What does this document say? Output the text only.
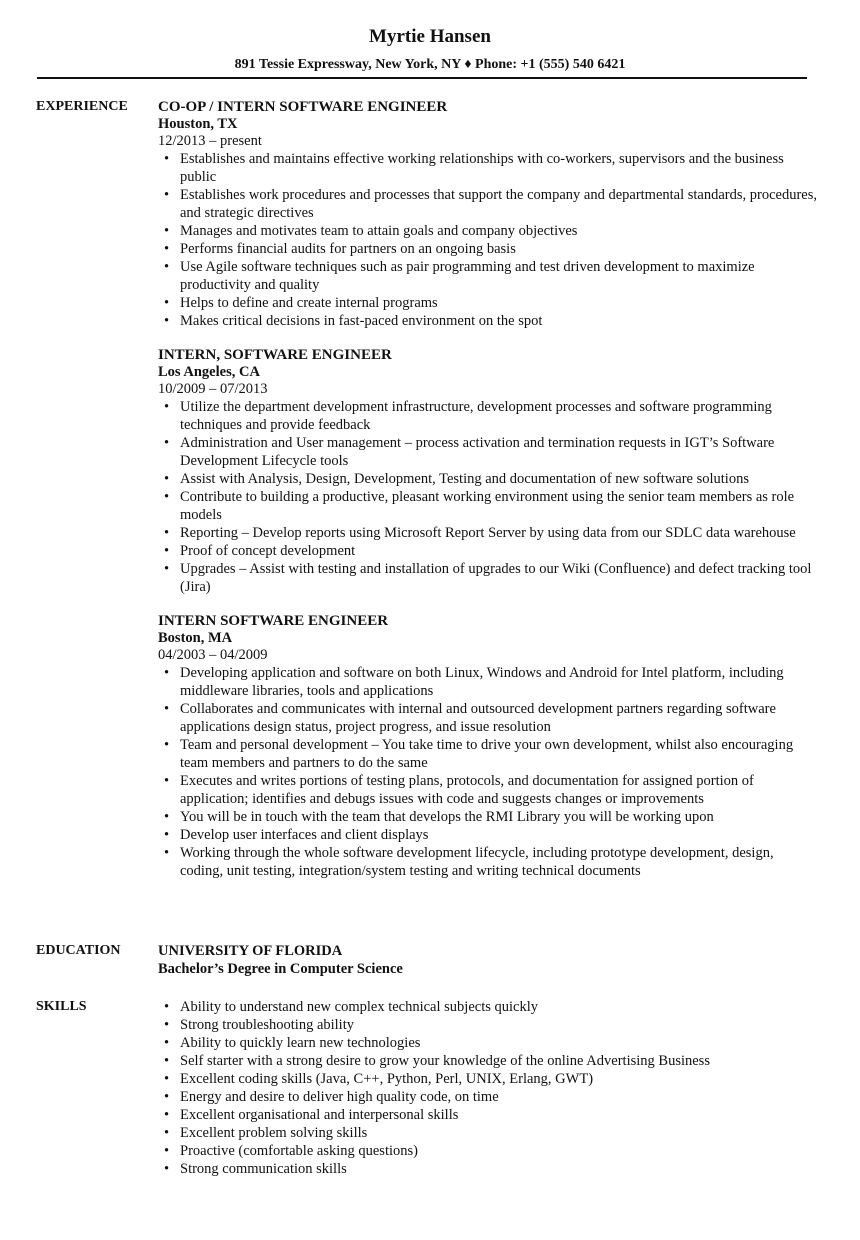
Myrtie Hansen
891 Tessie Expressway, New York, NY ♦ Phone: +1 (555) 540 6421
EXPERIENCE CO-OP / INTERN SOFTWARE ENGINEER
Houston, TX
12/2013 – present
• Establishes and maintains effective working relationships with co-workers, supervisors and the business public
• Establishes work procedures and processes that support the company and departmental standards, procedures, and strategic directives
• Manages and motivates team to attain goals and company objectives
• Performs financial audits for partners on an ongoing basis
• Use Agile software techniques such as pair programming and test driven development to maximize productivity and quality
• Helps to define and create internal programs
• Makes critical decisions in fast-paced environment on the spot
INTERN, SOFTWARE ENGINEER
Los Angeles, CA
10/2009 – 07/2013
• Utilize the department development infrastructure, development processes and software programming techniques and provide feedback
• Administration and User management – process activation and termination requests in IGT’s Software Development Lifecycle tools
• Assist with Analysis, Design, Development, Testing and documentation of new software solutions
• Contribute to building a productive, pleasant working environment using the senior team members as role models
• Reporting – Develop reports using Microsoft Report Server by using data from our SDLC data warehouse
• Proof of concept development
• Upgrades – Assist with testing and installation of upgrades to our Wiki (Confluence) and defect tracking tool (Jira)
INTERN SOFTWARE ENGINEER
Boston, MA
04/2003 – 04/2009
• Developing application and software on both Linux, Windows and Android for Intel platform, including middleware libraries, tools and applications
• Collaborates and communicates with internal and outsourced development partners regarding software applications design status, project progress, and issue resolution
• Team and personal development – You take time to drive your own development, whilst also encouraging team members and partners to do the same
• Executes and writes portions of testing plans, protocols, and documentation for assigned portion of application; identifies and debugs issues with code and suggests changes or improvements
• You will be in touch with the team that develops the RMI Library you will be working upon
• Develop user interfaces and client displays
• Working through the whole software development lifecycle, including prototype development, design, coding, unit testing, integration/system testing and writing technical documents
EDUCATION	UNIVERSITY OF FLORIDA
Bachelor’s Degree in Computer Science
SKILLS	• Ability to understand new complex technical subjects quickly
• Strong troubleshooting ability
• Ability to quickly learn new technologies
• Self starter with a strong desire to grow your knowledge of the online Advertising Business
• Excellent coding skills (Java, C++, Python, Perl, UNIX, Erlang, GWT)
• Energy and desire to deliver high quality code, on time
• Excellent organisational and interpersonal skills
• Excellent problem solving skills
• Proactive (comfortable asking questions)
• Strong communication skills
